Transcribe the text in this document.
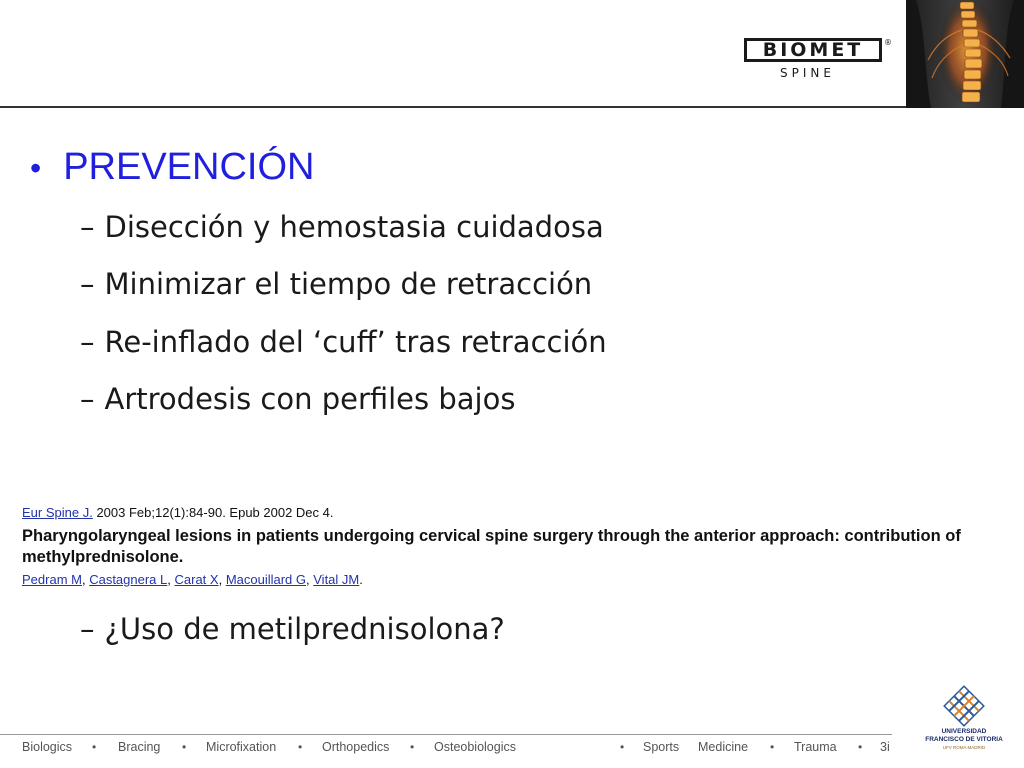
BIOMET	®
SPINE
• PREVENCIÓN
– Disección y hemostasia cuidadosa
– Minimizar el tiempo de retracción
– Re-inflado del ‘cuff’ tras retracción
– Artrodesis con perfiles bajos
Eur Spine J. 2003 Feb;12(1):84-90. Epub 2002 Dec 4.
Pharyngolaryngeal lesions in patients undergoing cervical spine surgery through the anterior approach: contribution of methylprednisolone.
Pedram M, Castagnera L, Carat X, Macouillard G, Vital JM.
– ¿Uso de metilprednisolona?
Biologics • Bracing • Microfixation • Orthopedics • Osteobiologics	• Sports Medicine • Trauma • 3i
UNIVERSIDAD
FRANCISCO DE VITORIA
UFV ROMA MADRID
